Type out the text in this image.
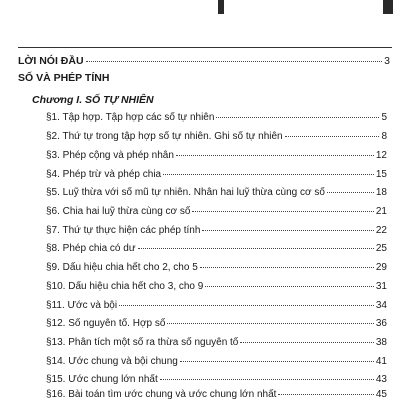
LỜI NÓI ĐẦU	3
SỐ VÀ PHÉP TÍNH
Chương I. SỐ TỰ NHIÊN
§1. Tập hợp. Tập hợp các số tự nhiên	5
§2. Thứ tự trong tập hợp số tự nhiên. Ghi số tự nhiên	8
§3. Phép cộng và phép nhân	12
§4. Phép trừ và phép chia	15
§5. Luỹ thừa với số mũ tự nhiên. Nhân hai luỹ thừa cùng cơ số	18
§6. Chia hai luỹ thừa cùng cơ số	21
§7. Thứ tự thực hiện các phép tính	22
§8. Phép chia có dư	25
§9. Dấu hiệu chia hết cho 2, cho 5	29
§10. Dấu hiệu chia hết cho 3, cho 9	31
§11. Ước và bội	34
§12. Số nguyên tố. Hợp số	36
§13. Phân tích một số ra thừa số nguyên tố	38
§14. Ước chung và bội chung	41
§15. Ước chung lớn nhất	43
§16. Bài toán tìm ước chung và ước chung lớn nhất	45
